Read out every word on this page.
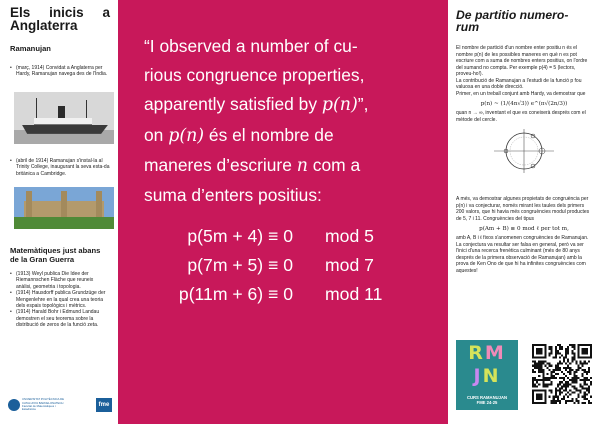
Els inicis a
Anglaterra
Ramanujan
• (març, 1914) Convidat a Anglaterra per Hardy, Ramanujan navega des de l'Índia.
• (abril de 1914) Ramanujan s'instal·la al Trinity College, inaugurant la seva esta-da britànica a Cambridge.
Matemàtiques just abans de la Gran Guerra
• (1913) Weyl publica Die Idee der Riemannschen Fläche que reuneix anàlisi, geometria i topologia.
• (1914) Hausdorff publica Grundzüge der Mengenlehre en la qual crea una teoria dels espais topològics i mètrics.
• (1914) Harald Bohr i Edmund Landau demostren el seu teorema sobre la distribució de zeros de la funció zeta.
UNIVERSITAT POLITÈCNICA DE CATALUNYA BARCELONATECH Facultat de Matemàtiques i Estadística
fme
“I observed a number of cu-
rious congruence properties,
apparently satisfied by p(n)”,
on p(n) és el nombre de
maneres d’escriure n com a
suma d’enters positius:
p(5m + 4) ≡ 0	mod 5
p(7m + 5) ≡ 0	mod 7
p(11m + 6) ≡ 0	mod 11
De partitio numero-
rum
El nombre de partició d'un nombre enter positiu n és el nombre p(n) de les possibles maneres en què n es pot escriure com a suma de nombres enters positius, on l'ordre del sumand no compta. Per exemple p(4) = 5 (lectors, proveu-ho!).
La contribució de Ramanujan a l'estudi de la funció p fou valuosa en una doble direcció.
Primer, en un treball conjunt amb Hardy, va demostrar que
p(n) ~ (1/(4n√3)) e^(π√(2n/3))
quan n → ∞, inventant el que es coneixerà després com el mètode del cercle.
A més, va demostrar algunes propietats de congruència per p(n) i va conjecturar, només mirant les taules dels primers 200 valors, que hi havia més congruències modul productes de 5, 7 i 11. Congruències del tipus
p(Am + B) ≡ 0 mod ℓ per tot m,
amb A, B i ℓ fixos s'anomenen congruències de Ramanujan.
La conjectura va resultar ser falsa en general, però va ser l'inici d'una recerca frenètica culminant (més de 80 anys després de la primera observació de Ramanujan) amb la prova de Ken Ono de que hi ha infinites congruències com aquestes!
RM
JN
CURS RAMANUJAN
FME 24-25
